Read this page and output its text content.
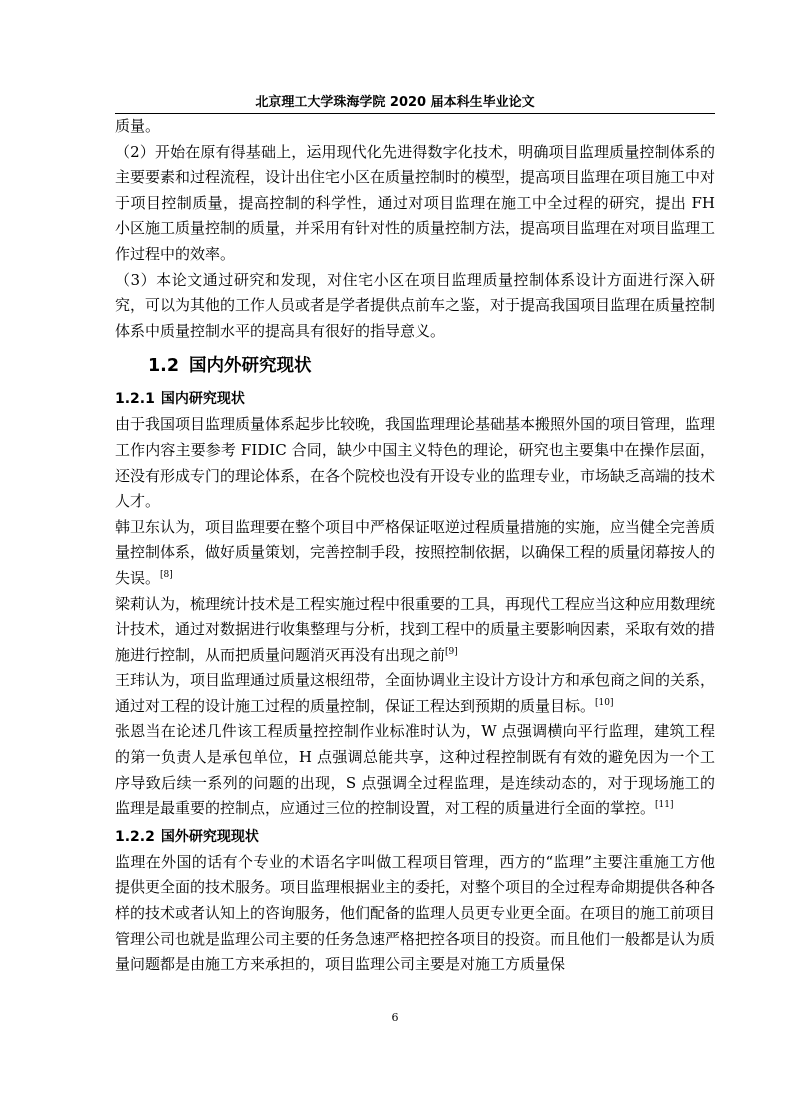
北京理工大学珠海学院 2020 届本科生毕业论文

质量。

（2）开始在原有得基础上，运用现代化先进得数字化技术，明确项目监理质量控制体系的主要要素和过程流程，设计出住宅小区在质量控制时的模型，提高项目监理在项目施工中对于项目控制质量，提高控制的科学性，通过对项目监理在施工中全过程的研究，提出 FH 小区施工质量控制的质量，并采用有针对性的质量控制方法，提高项目监理在对项目监理工作过程中的效率。

（3）本论文通过研究和发现，对住宅小区在项目监理质量控制体系设计方面进行深入研究，可以为其他的工作人员或者是学者提供点前车之鉴，对于提高我国项目监理在质量控制体系中质量控制水平的提高具有很好的指导意义。

1.2 国内外研究现状
1.2.1 国内研究现状

由于我国项目监理质量体系起步比较晚，我国监理理论基础基本搬照外国的项目管理，监理工作内容主要参考 FIDIC 合同，缺少中国主义特色的理论，研究也主要集中在操作层面，还没有形成专门的理论体系，在各个院校也没有开设专业的监理专业，市场缺乏高端的技术人才。

韩卫东认为，项目监理要在整个项目中严格保证呕逆过程质量措施的实施，应当健全完善质量控制体系，做好质量策划，完善控制手段，按照控制依据，以确保工程的质量闭幕按人的失误。[8]

梁莉认为，梳理统计技术是工程实施过程中很重要的工具，再现代工程应当这种应用数理统计技术，通过对数据进行收集整理与分析，找到工程中的质量主要影响因素，采取有效的措施进行控制，从而把质量问题消灭再没有出现之前[9]

王玮认为，项目监理通过质量这根纽带，全面协调业主设计方设计方和承包商之间的关系，通过对工程的设计施工过程的质量控制，保证工程达到预期的质量目标。[10]

张恩当在论述几件该工程质量控控制作业标准时认为，W 点强调横向平行监理，建筑工程的第一负责人是承包单位，H 点强调总能共享，这种过程控制既有有效的避免因为一个工序导致后续一系列的问题的出现，S 点强调全过程监理，是连续动态的，对于现场施工的监理是最重要的控制点，应通过三位的控制设置，对工程的质量进行全面的掌控。[11]

1.2.2 国外研究现现状

监理在外国的话有个专业的术语名字叫做工程项目管理，西方的“监理”主要注重施工方他提供更全面的技术服务。项目监理根据业主的委托，对整个项目的全过程寿命期提供各种各样的技术或者认知上的咨询服务，他们配备的监理人员更专业更全面。在项目的施工前项目管理公司也就是监理公司主要的任务急速严格把控各项目的投资。而且他们一般都是认为质量问题都是由施工方来承担的，项目监理公司主要是对施工方质量保

6
